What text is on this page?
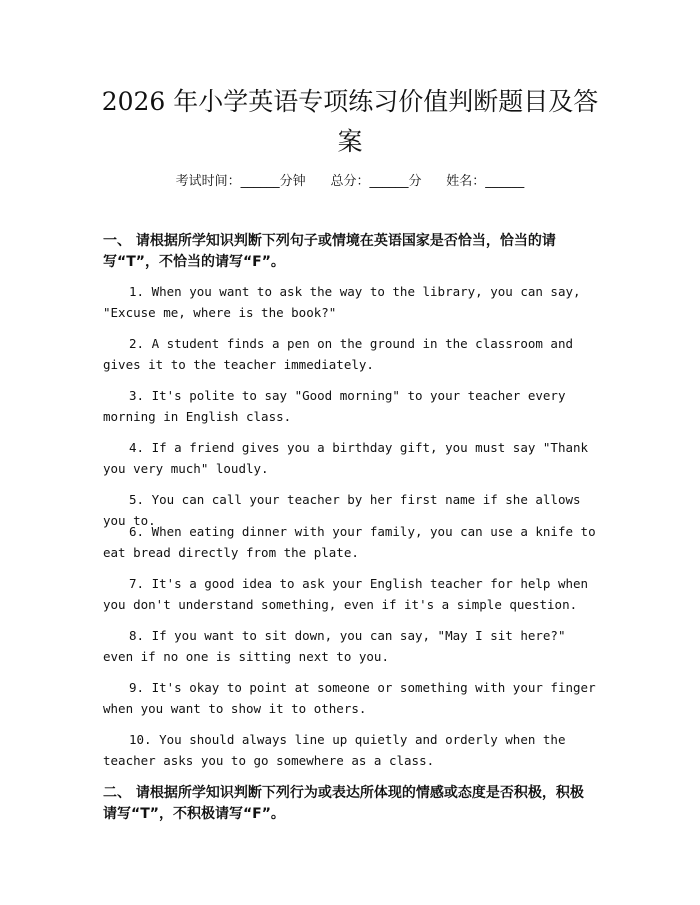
2026 年小学英语专项练习价值判断题目及答案
考试时间：______分钟 总分：______分 姓名：______
一、 请根据所学知识判断下列句子或情境在英语国家是否恰当，恰当的请写“T”，不恰当的请写“F”。
1. When you want to ask the way to the library, you can say, "Excuse me, where is the book?"
2. A student finds a pen on the ground in the classroom and gives it to the teacher immediately.
3. It's polite to say "Good morning" to your teacher every morning in English class.
4. If a friend gives you a birthday gift, you must say "Thank you very much" loudly.
5. You can call your teacher by her first name if she allows you to.
6. When eating dinner with your family, you can use a knife to eat bread directly from the plate.
7. It's a good idea to ask your English teacher for help when you don't understand something, even if it's a simple question.
8. If you want to sit down, you can say, "May I sit here?" even if no one is sitting next to you.
9. It's okay to point at someone or something with your finger when you want to show it to others.
10. You should always line up quietly and orderly when the teacher asks you to go somewhere as a class.
二、 请根据所学知识判断下列行为或表达所体现的情感或态度是否积极，积极请写“T”，不积极请写“F”。
